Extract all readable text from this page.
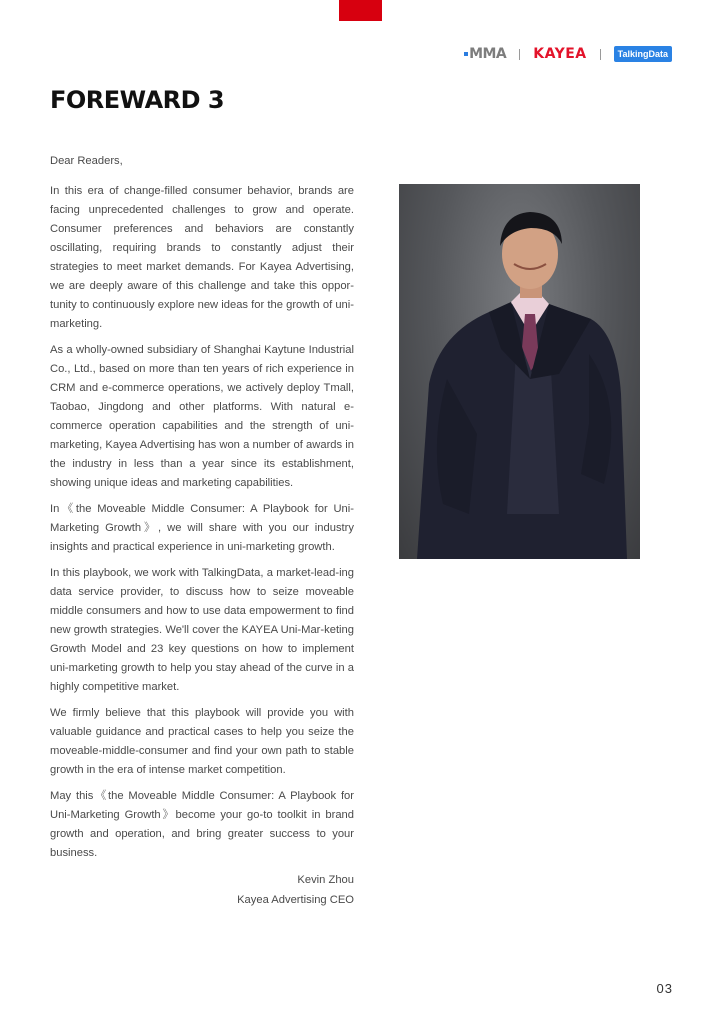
MMA KAYEA	TalkingData
FOREWARD 3

Dear Readers,

In this era of change-filled consumer behavior, brands are facing unprecedented challenges to grow and operate. Consumer preferences and behaviors are constantly oscillating, requiring brands to constantly adjust their strategies to meet market demands. For Kayea Advertising, we are deeply aware of this challenge and take this oppor-tunity to continuously explore new ideas for the growth of uni-marketing.

As a wholly-owned subsidiary of Shanghai Kaytune Industrial Co., Ltd., based on more than ten years of rich experience in CRM and e-commerce operations, we actively deploy Tmall, Taobao, Jingdong and other platforms. With natural e-commerce operation capabilities and the strength of uni-marketing, Kayea Advertising has won a number of awards in the industry in less than a year since its establishment, showing unique ideas and marketing capabilities.

In《the Moveable Middle Consumer: A Playbook for Uni-Marketing Growth》, we will share with you our industry insights and practical experience in uni-marketing growth.

In this playbook, we work with TalkingData, a market-lead-ing data service provider, to discuss how to seize moveable middle consumers and how to use data empowerment to find new growth strategies. We'll cover the KAYEA Uni-Mar-keting Growth Model and 23 key questions on how to implement uni-marketing growth to help you stay ahead of the curve in a highly competitive market.

We firmly believe that this playbook will provide you with valuable guidance and practical cases to help you seize the moveable-middle-consumer and find your own path to stable growth in the era of intense market competition.

May this《the Moveable Middle Consumer: A Playbook for Uni-Marketing Growth》become your go-to toolkit in brand growth and operation, and bring greater success to your business.

Kevin Zhou
Kayea Advertising CEO
03
